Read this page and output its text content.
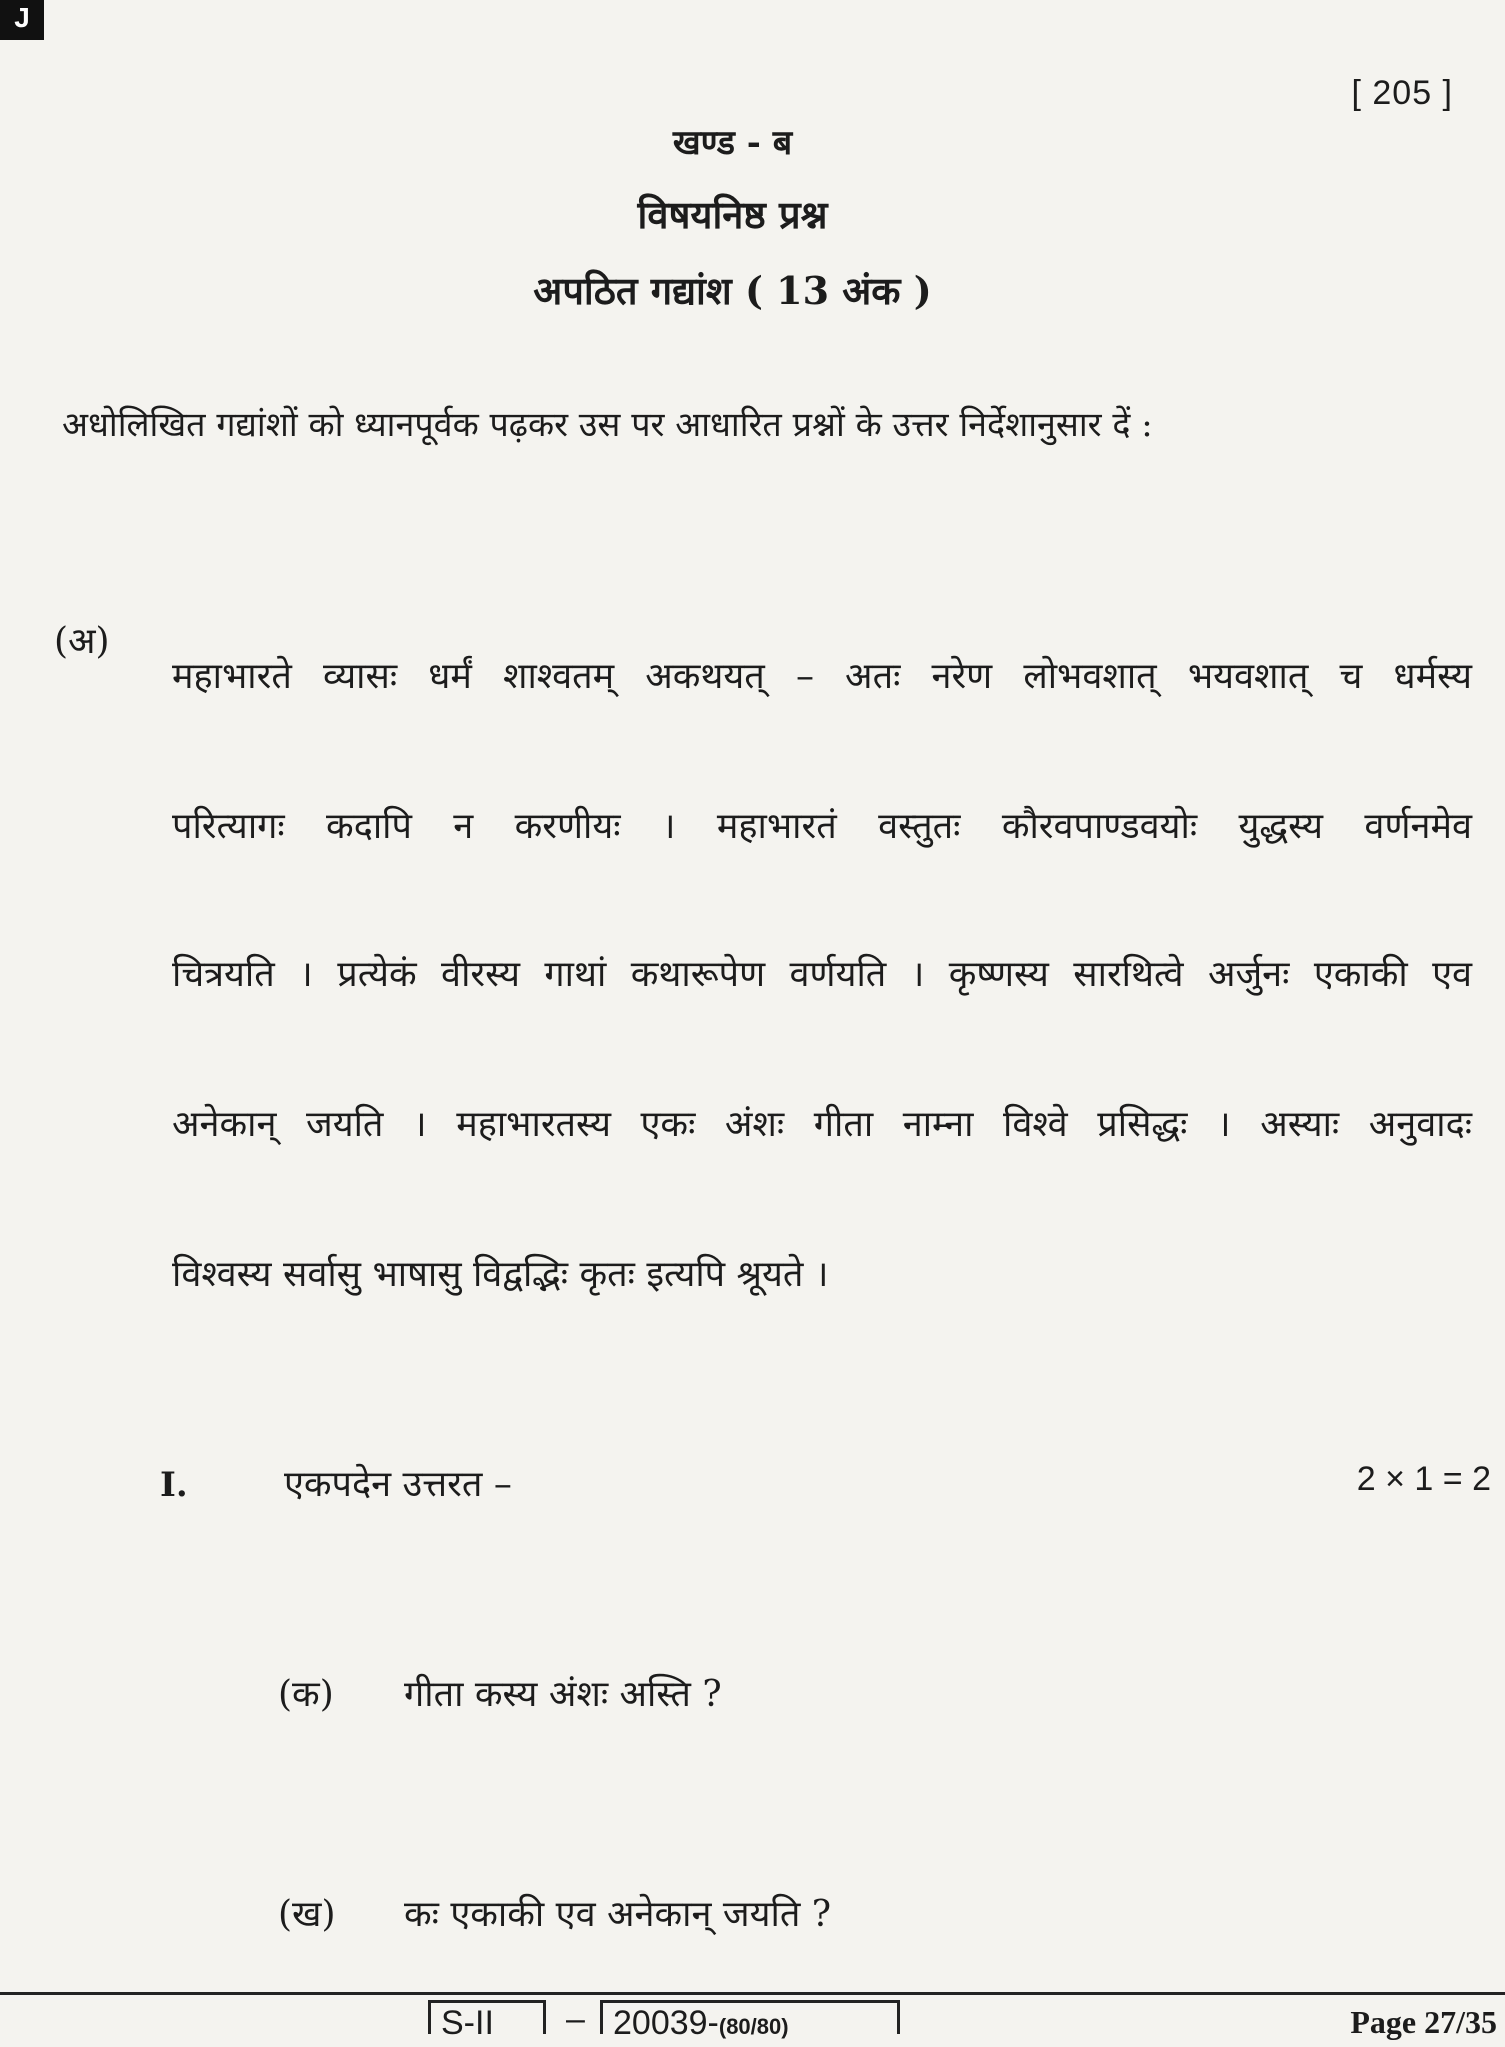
J
[ 205 ]
खण्ड - ब
विषयनिष्ठ प्रश्न
अपठित गद्यांश ( 13 अंक )
अधोलिखित गद्यांशों को ध्यानपूर्वक पढ़कर उस पर आधारित प्रश्नों के उत्तर निर्देशानुसार दें :
(अ)
महाभारते व्यासः धर्मं शाश्वतम् अकथयत् – अतः नरेण लोभवशात् भयवशात् च धर्मस्य
परित्यागः कदापि न करणीयः । महाभारतं वस्तुतः कौरवपाण्डवयोः युद्धस्य वर्णनमेव
चित्रयति । प्रत्येकं वीरस्य गाथां कथारूपेण वर्णयति । कृष्णस्य सारथित्वे अर्जुनः एकाकी एव
अनेकान् जयति । महाभारतस्य एकः अंशः गीता नाम्ना विश्वे प्रसिद्धः । अस्याः अनुवादः
विश्वस्य सर्वासु भाषासु विद्वद्भिः कृतः इत्यपि श्रूयते ।
I.	एकपदेन उत्तरत –	2 × 1 = 2
(क) गीता कस्य अंशः अस्ति ?
(ख) कः एकाकी एव अनेकान् जयति ?
S-II	– 20039-(80/80)	Page 27/35
